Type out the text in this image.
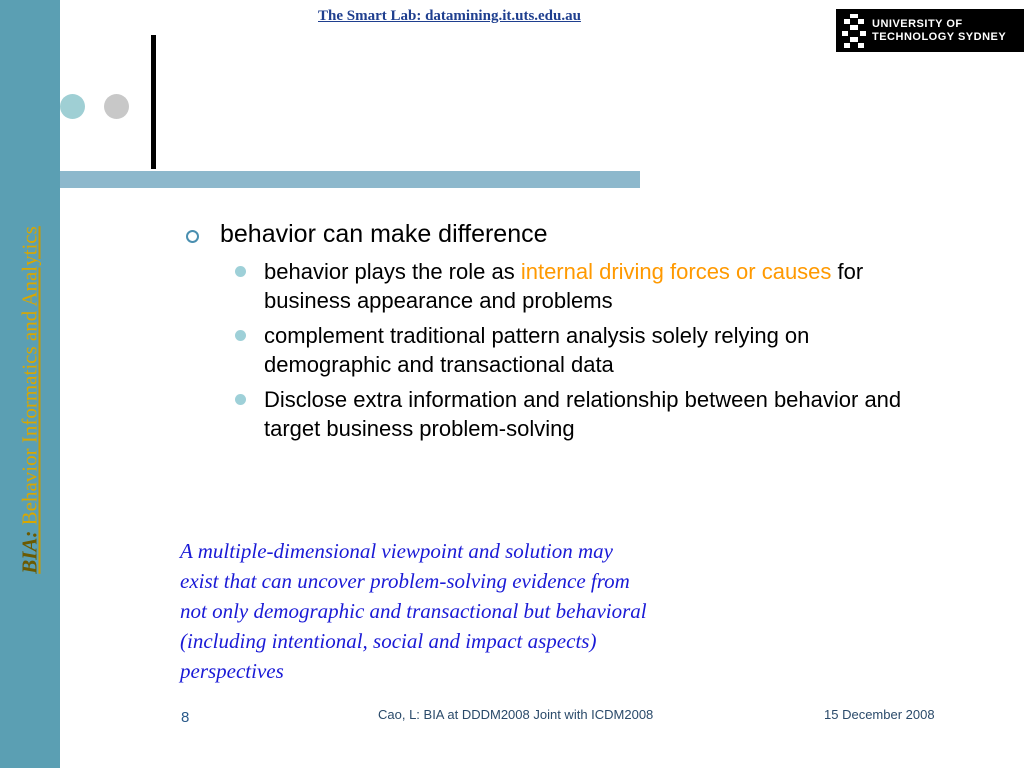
BIA: Behavior Informatics and Analytics
The Smart Lab: datamining.it.uts.edu.au	UNIVERSITY OF
TECHNOLOGY SYDNEY
behavior can make difference
behavior plays the role as internal driving forces or causes for business appearance and problems
complement traditional pattern analysis solely relying on demographic and transactional data
Disclose extra information and relationship between behavior and target business problem-solving
A multiple-dimensional viewpoint and solution may
exist that can uncover problem-solving evidence from
not only demographic and transactional but behavioral
(including intentional, social and impact aspects)
perspectives
8	Cao, L: BIA at DDDM2008 Joint with ICDM2008	15 December 2008
